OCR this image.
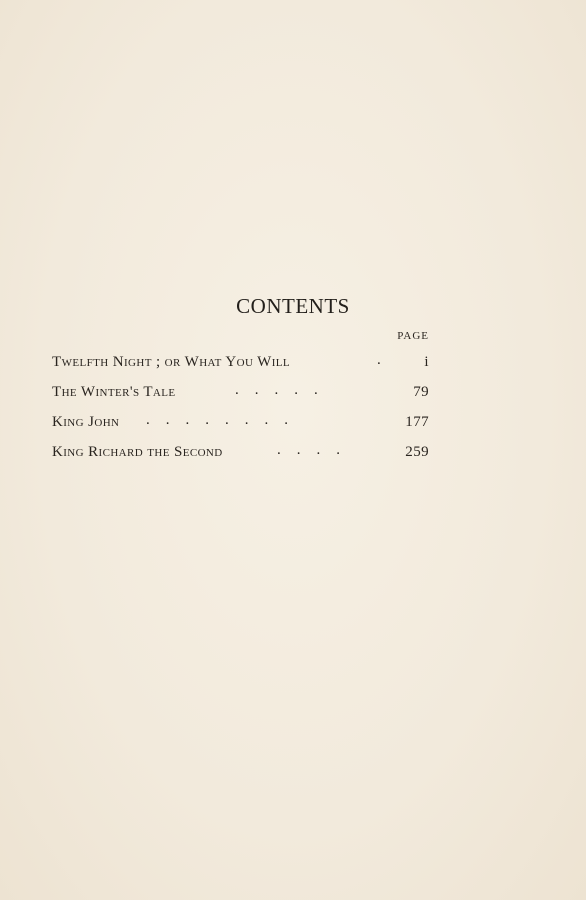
CONTENTS
PAGE
Twelfth Night ; or What You Will	. i
The Winter's Tale	.....	79
King John ........	177
King Richard the Second	....	259
